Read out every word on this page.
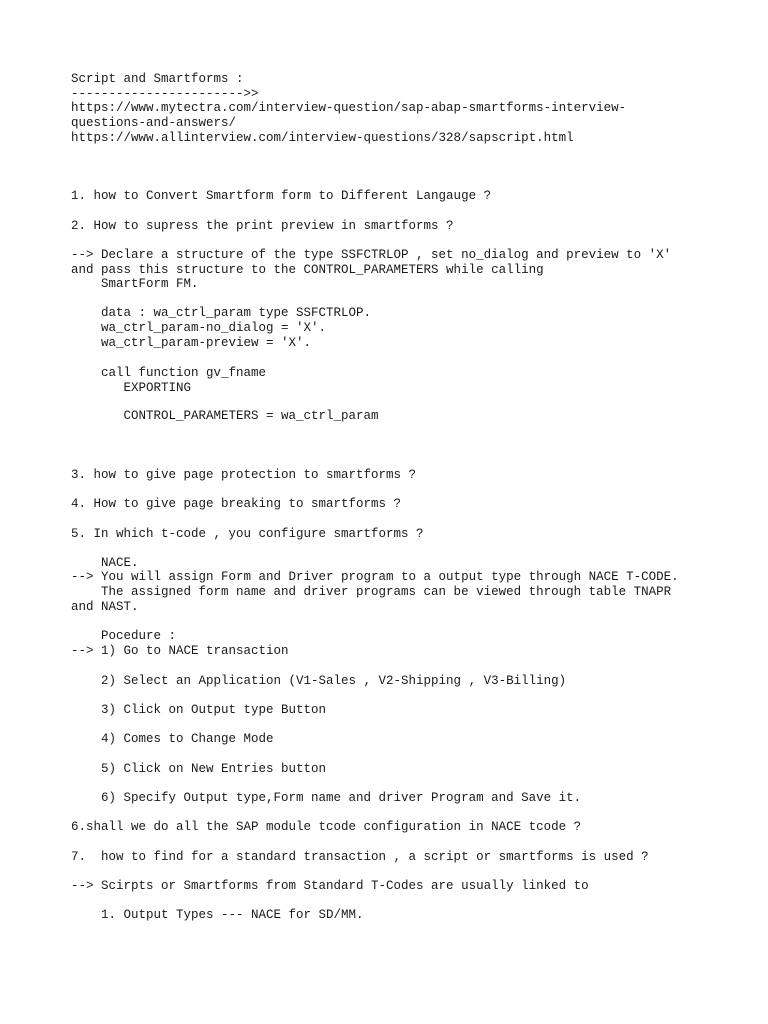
Script and Smartforms :

----------------------->>

https://www.mytectra.com/interview-question/sap-abap-smartforms-interview-

questions-and-answers/

https://www.allinterview.com/interview-questions/328/sapscript.html

1. how to Convert Smartform form to Different Langauge ?

2. How to supress the print preview in smartforms ?

--> Declare a structure of the type SSFCTRLOP , set no_dialog and preview to 'X'

and pass this structure to the CONTROL_PARAMETERS while calling

SmartForm FM.

data : wa_ctrl_param type SSFCTRLOP.

wa_ctrl_param-no_dialog = 'X'.

wa_ctrl_param-preview = 'X'.

call function gv_fname

EXPORTING

CONTROL_PARAMETERS = wa_ctrl_param

3. how to give page protection to smartforms ?

4. How to give page breaking to smartforms ?

5. In which t-code , you configure smartforms ?

NACE.

--> You will assign Form and Driver program to a output type through NACE T-CODE.

The assigned form name and driver programs can be viewed through table TNAPR

and NAST.

Pocedure :

--> 1) Go to NACE transaction

2) Select an Application (V1-Sales , V2-Shipping , V3-Billing)

3) Click on Output type Button

4) Comes to Change Mode

5) Click on New Entries button

6) Specify Output type,Form name and driver Program and Save it.

6.shall we do all the SAP module tcode configuration in NACE tcode ?

7.  how to find for a standard transaction , a script or smartforms is used ?

--> Scirpts or Smartforms from Standard T-Codes are usually linked to

1. Output Types --- NACE for SD/MM.
